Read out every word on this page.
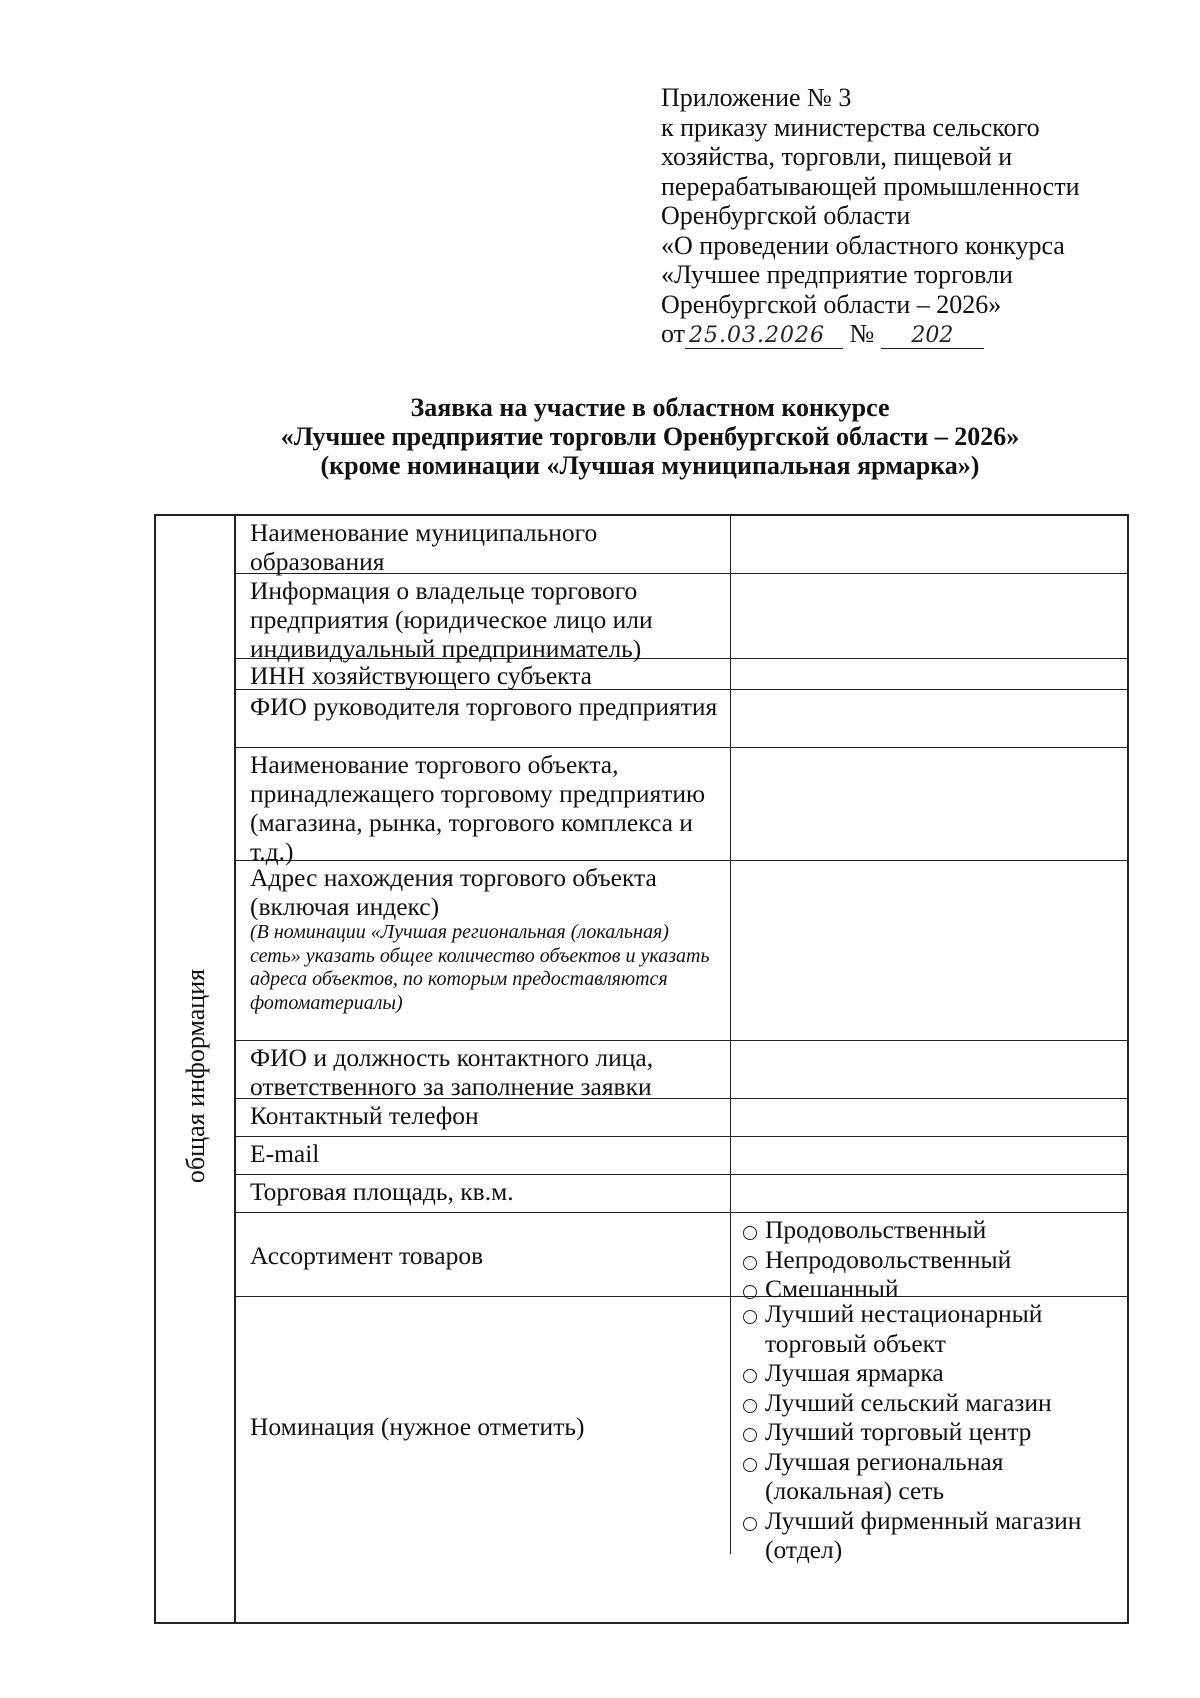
Приложение № 3
к приказу министерства сельского
хозяйства, торговли, пищевой и
перерабатывающей промышленности
Оренбургской области
«О проведении областного конкурса
«Лучшее предприятие торговли
Оренбургской области – 2026»
от 25.03.2026 № 202
Заявка на участие в областном конкурсе
«Лучшее предприятие торговли Оренбургской области – 2026»
(кроме номинации «Лучшая муниципальная ярмарка»)
общая информация
Наименование муниципального образования
Информация о владельце торгового предприятия (юридическое лицо или индивидуальный предприниматель)
ИНН хозяйствующего субъекта
ФИО руководителя торгового предприятия
Наименование торгового объекта, принадлежащего торговому предприятию (магазина, рынка, торгового комплекса и т.д.)
Адрес нахождения торгового объекта (включая индекс)
(В номинации «Лучшая региональная (локальная) сеть» указать общее количество объектов и указать адреса объектов, по которым предоставляются фотоматериалы)
ФИО и должность контактного лица, ответственного за заполнение заявки
Контактный телефон
E-mail
Торговая площадь, кв.м.
Ассортимент товаров
Продовольственный
Непродовольственный
Смешанный
Номинация (нужное отметить)
Лучший нестационарный торговый объект
Лучшая ярмарка
Лучший сельский магазин
Лучший торговый центр
Лучшая региональная (локальная) сеть
Лучший фирменный магазин (отдел)
